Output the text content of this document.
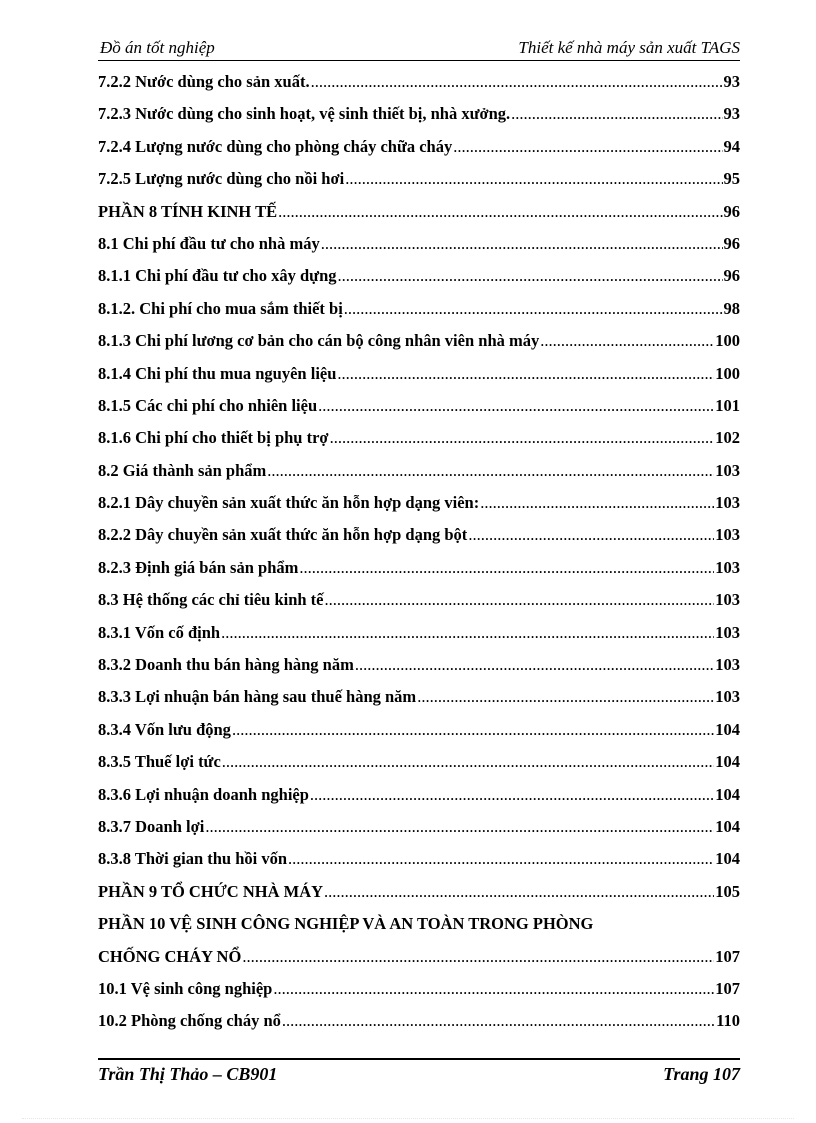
Đồ án tốt nghiệp	Thiết kế nhà máy sản xuất TAGS
7.2.2 Nước dùng cho sản xuất. .....	93
7.2.3 Nước dùng cho sinh hoạt, vệ sinh thiết bị, nhà xưởng. .....	93
7.2.4 Lượng nước dùng cho phòng cháy chữa cháy .....	94
7.2.5 Lượng nước dùng cho nồi hơi .....	95
PHẦN 8 TÍNH KINH TẾ .....	96
8.1 Chi phí đầu tư cho nhà máy .....	96
8.1.1 Chi phí đầu tư cho xây dựng .....	96
8.1.2. Chi phí cho mua sắm thiết bị .....	98
8.1.3 Chi phí lương cơ bản cho cán bộ công nhân viên nhà máy .....	100
8.1.4 Chi phí thu mua nguyên liệu .....	100
8.1.5 Các chi phí cho nhiên liệu .....	101
8.1.6 Chi phí cho thiết bị phụ trợ .....	102
8.2 Giá thành sản phẩm .....	103
8.2.1 Dây chuyền sản xuất thức ăn hỗn hợp dạng viên: .....	103
8.2.2 Dây chuyền sản xuất thức ăn hỗn hợp dạng bột .....	103
8.2.3 Định giá bán sản phẩm .....	103
8.3 Hệ thống các chỉ tiêu kinh tế .....	103
8.3.1 Vốn cố định .....	103
8.3.2 Doanh thu bán hàng hàng năm .....	103
8.3.3 Lợi nhuận bán hàng sau thuế hàng năm .....	103
8.3.4 Vốn lưu động .....	104
8.3.5 Thuế lợi tức .....	104
8.3.6 Lợi nhuận doanh nghiệp .....	104
8.3.7 Doanh lợi .....	104
8.3.8 Thời gian thu hồi vốn .....	104
PHẦN 9 TỔ CHỨC NHÀ MÁY .....	105
PHẦN 10 VỆ SINH CÔNG NGHIỆP VÀ AN TOÀN TRONG PHÒNG
CHỐNG CHÁY NỔ .....	107
10.1 Vệ sinh công nghiệp .....	107
10.2 Phòng chống cháy nổ .....	110
Trần Thị Thảo – CB901	Trang 107
